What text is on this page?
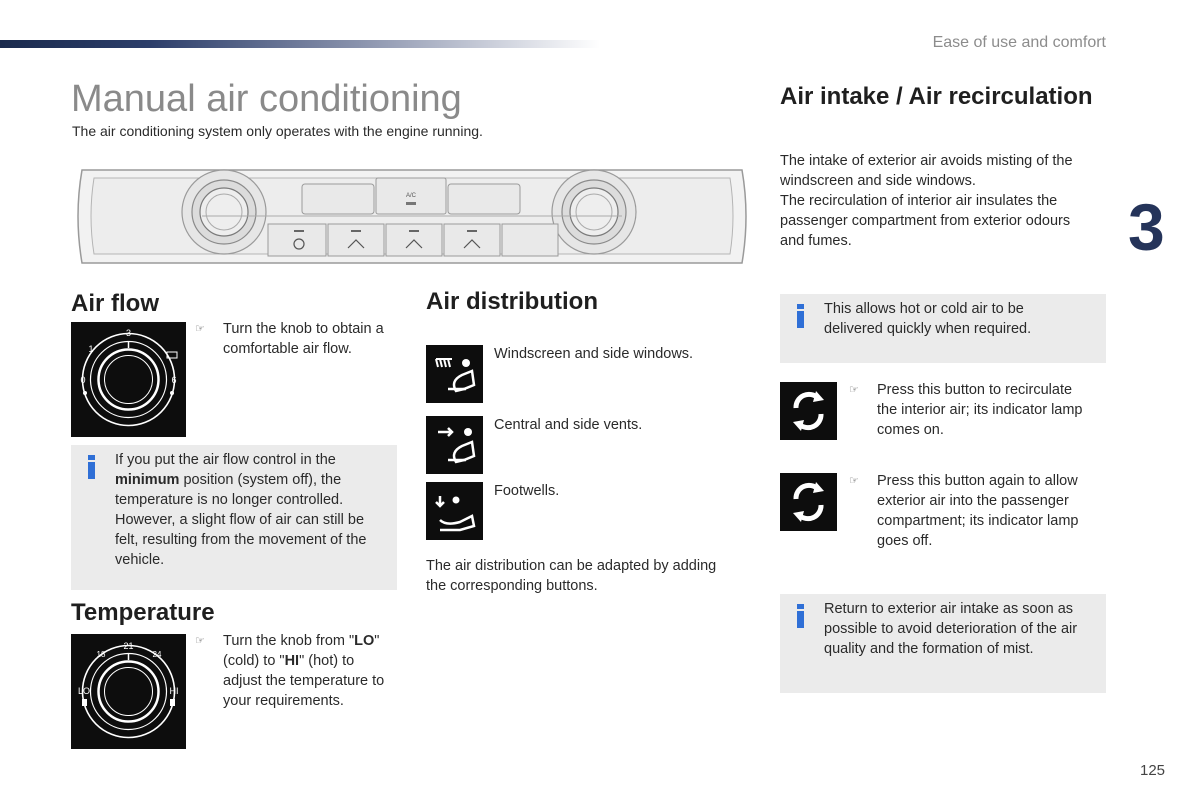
Ease of use and comfort
3
125
Manual air conditioning
The air conditioning system only operates with the engine running.
A/C
Air flow
3
0	6
1
☞ Turn the knob to obtain a
comfortable air flow.
If you put the air flow control in the
minimum position (system off), the
temperature is no longer controlled.
However, a slight flow of air can still be
felt, resulting from the movement of the
vehicle.
Temperature
21
18	24
LO	HI
☞ Turn the knob from "LO"
(cold) to "HI" (hot) to
adjust the temperature to
your requirements.
Air distribution
Windscreen and side windows.
Central and side vents.
Footwells.
The air distribution can be adapted by adding
the corresponding buttons.
Air intake / Air recirculation
The intake of exterior air avoids misting of the
windscreen and side windows.
The recirculation of interior air insulates the
passenger compartment from exterior odours
and fumes.
This allows hot or cold air to be
delivered quickly when required.
☞ Press this button to recirculate
the interior air; its indicator lamp
comes on.
☞ Press this button again to allow
exterior air into the passenger
compartment; its indicator lamp
goes off.
Return to exterior air intake as soon as
possible to avoid deterioration of the air
quality and the formation of mist.
